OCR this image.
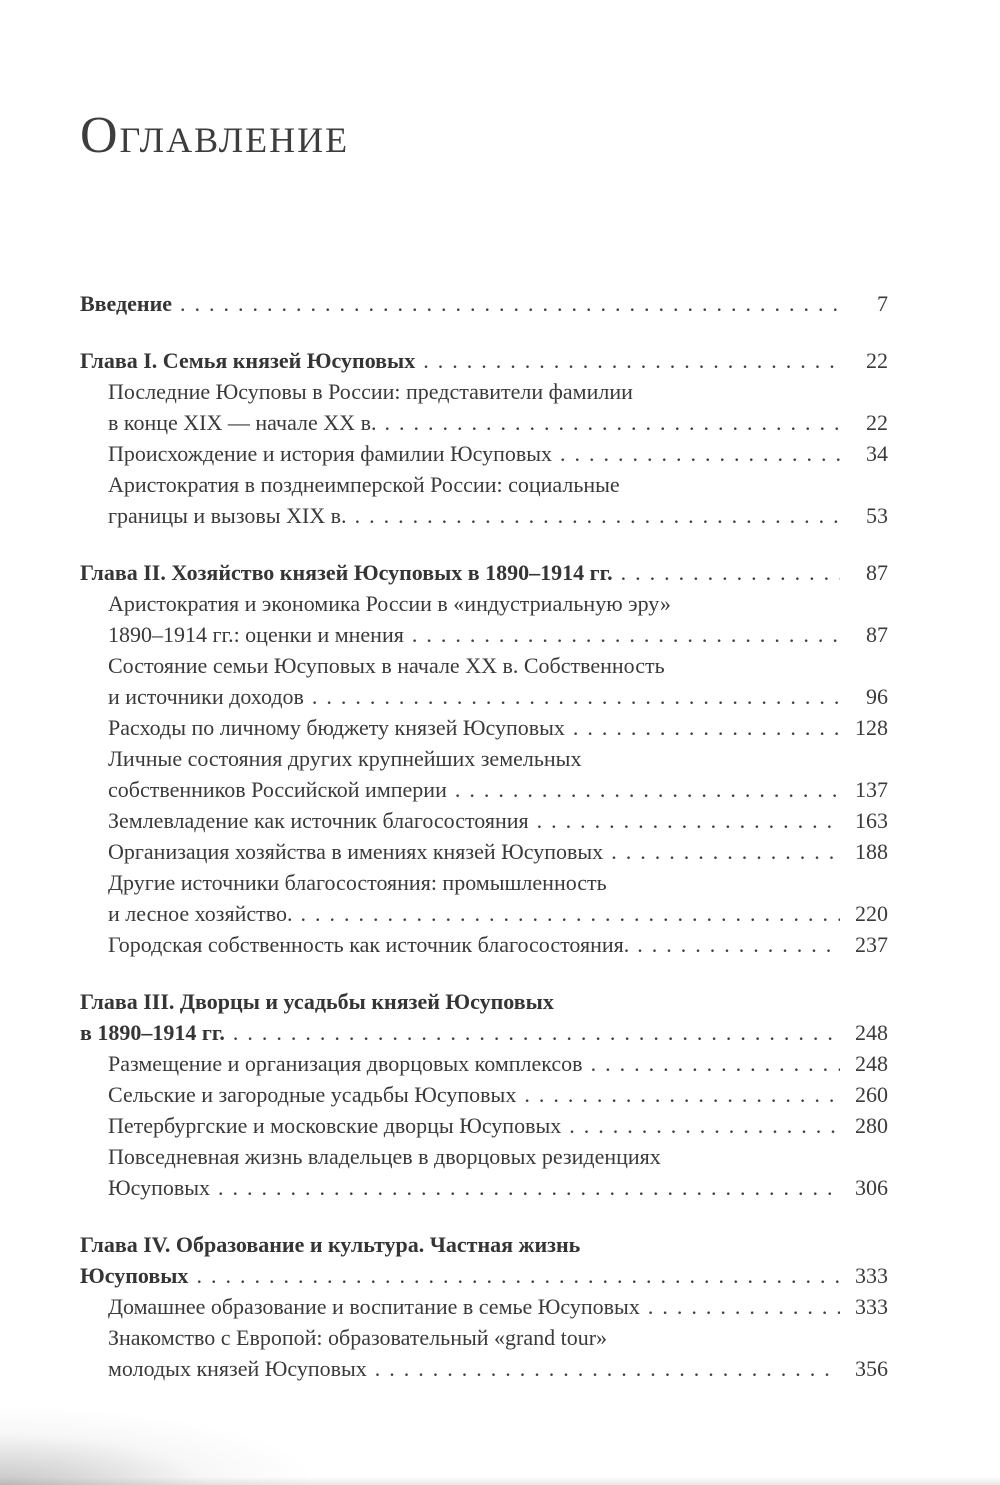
Оглавление
Введение .....	7
Глава I. Семья князей Юсуповых .....	22
Последние Юсуповы в России: представители фамилии
в конце XIX — начале XX в. .....	22
Происхождение и история фамилии Юсуповых .....	34
Аристократия в позднеимперской России: социальные
границы и вызовы XIX в. .....	53
Глава II. Хозяйство князей Юсуповых в 1890–1914 гг. .....	87
Аристократия и экономика России в «индустриальную эру»
1890–1914 гг.: оценки и мнения .....	87
Состояние семьи Юсуповых в начале XX в. Собственность
и источники доходов .....	96
Расходы по личному бюджету князей Юсуповых .....	128
Личные состояния других крупнейших земельных
собственников Российской империи .....	137
Землевладение как источник благосостояния .....	163
Организация хозяйства в имениях князей Юсуповых .....	188
Другие источники благосостояния: промышленность
и лесное хозяйство. .....	220
Городская собственность как источник благосостояния. .....	237
Глава III. Дворцы и усадьбы князей Юсуповых
в 1890–1914 гг. .....	248
Размещение и организация дворцовых комплексов .....	248
Сельские и загородные усадьбы Юсуповых .....	260
Петербургские и московские дворцы Юсуповых .....	280
Повседневная жизнь владельцев в дворцовых резиденциях
Юсуповых .....	306
Глава IV. Образование и культура. Частная жизнь
Юсуповых .....	333
Домашнее образование и воспитание в семье Юсуповых .....	333
Знакомство с Европой: образовательный «grand tour»
молодых князей Юсуповых .....	356
